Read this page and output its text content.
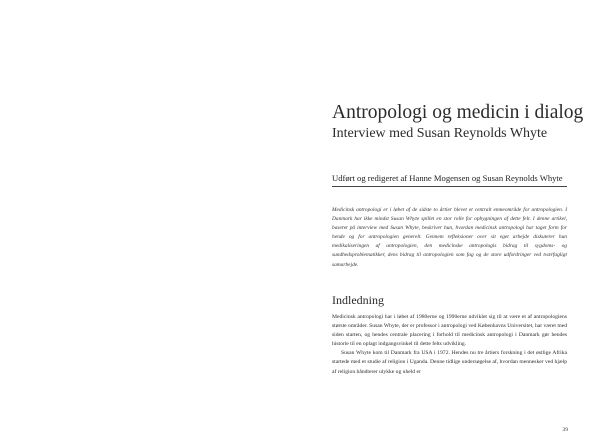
Antropologi og medicin i dialog
Interview med Susan Reynolds Whyte
Udført og redigeret af Hanne Mogensen og Susan Reynolds Whyte
Medicinsk antropologi er i løbet af de sidste to årtier blevet et centralt emneområde for antropologien. I Danmark har ikke mindst Susan Whyte spillet en stor rolle for opbygningen af dette felt. I denne artikel, baseret på interview med Susan Whyte, beskriver hun, hvordan medicinsk antropologi har taget form for hende og for antropologien generelt. Gennem refleksioner over sit eget arbejde diskuterer hun medikaliseringen af antropologien, den medicinske antropologis bidrag til sygdoms- og sundhedsproblematikker, dens bidrag til antropologien som fag og de store udfordringer ved tværfagligt samarbejde.
Indledning

Medicinsk antropologi har i løbet af 1980erne og 1990erne udviklet sig til at være et af antropologiens største områder. Susan Whyte, der er professor i antropologi ved Københavns Universitet, har været med siden starten, og hendes centrale placering i forhold til medicinsk antropologi i Danmark gør hendes historie til en oplagt indgangsvinkel til dette felts udvikling.

Susan Whyte kom til Danmark fra USA i 1972. Hendes nu tre årtiers forskning i det østlige Afrika startede med et studie af religion i Uganda. Denne tidlige undersøgelse af, hvordan mennesker ved hjælp af religion håndterer ulykke og uheld er

39
